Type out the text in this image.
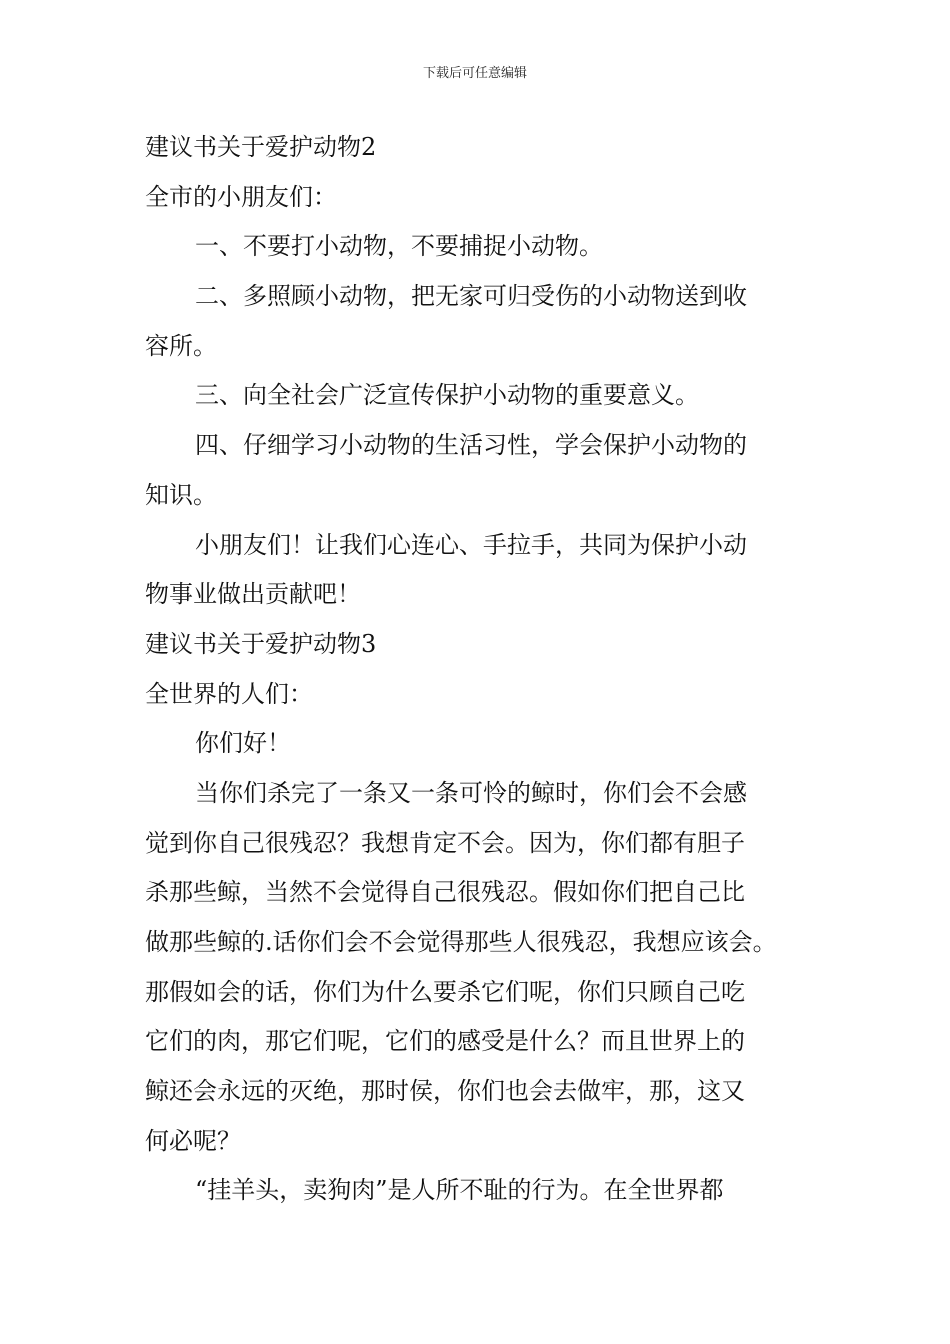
下载后可任意编辑
建议书关于爱护动物2
全市的小朋友们：
一、不要打小动物，不要捕捉小动物。
二、多照顾小动物，把无家可归受伤的小动物送到收
容所。
三、向全社会广泛宣传保护小动物的重要意义。
四、仔细学习小动物的生活习性，学会保护小动物的
知识。
小朋友们！让我们心连心、手拉手，共同为保护小动
物事业做出贡献吧！
建议书关于爱护动物3
全世界的人们：
你们好！
当你们杀完了一条又一条可怜的鲸时，你们会不会感
觉到你自己很残忍？我想肯定不会。因为，你们都有胆子
杀那些鲸，当然不会觉得自己很残忍。假如你们把自己比
做那些鲸的.话你们会不会觉得那些人很残忍，我想应该会。
那假如会的话，你们为什么要杀它们呢，你们只顾自己吃
它们的肉，那它们呢，它们的感受是什么？而且世界上的
鲸还会永远的灭绝，那时侯，你们也会去做牢，那，这又
何必呢？
“挂羊头，卖狗肉”是人所不耻的行为。在全世界都
